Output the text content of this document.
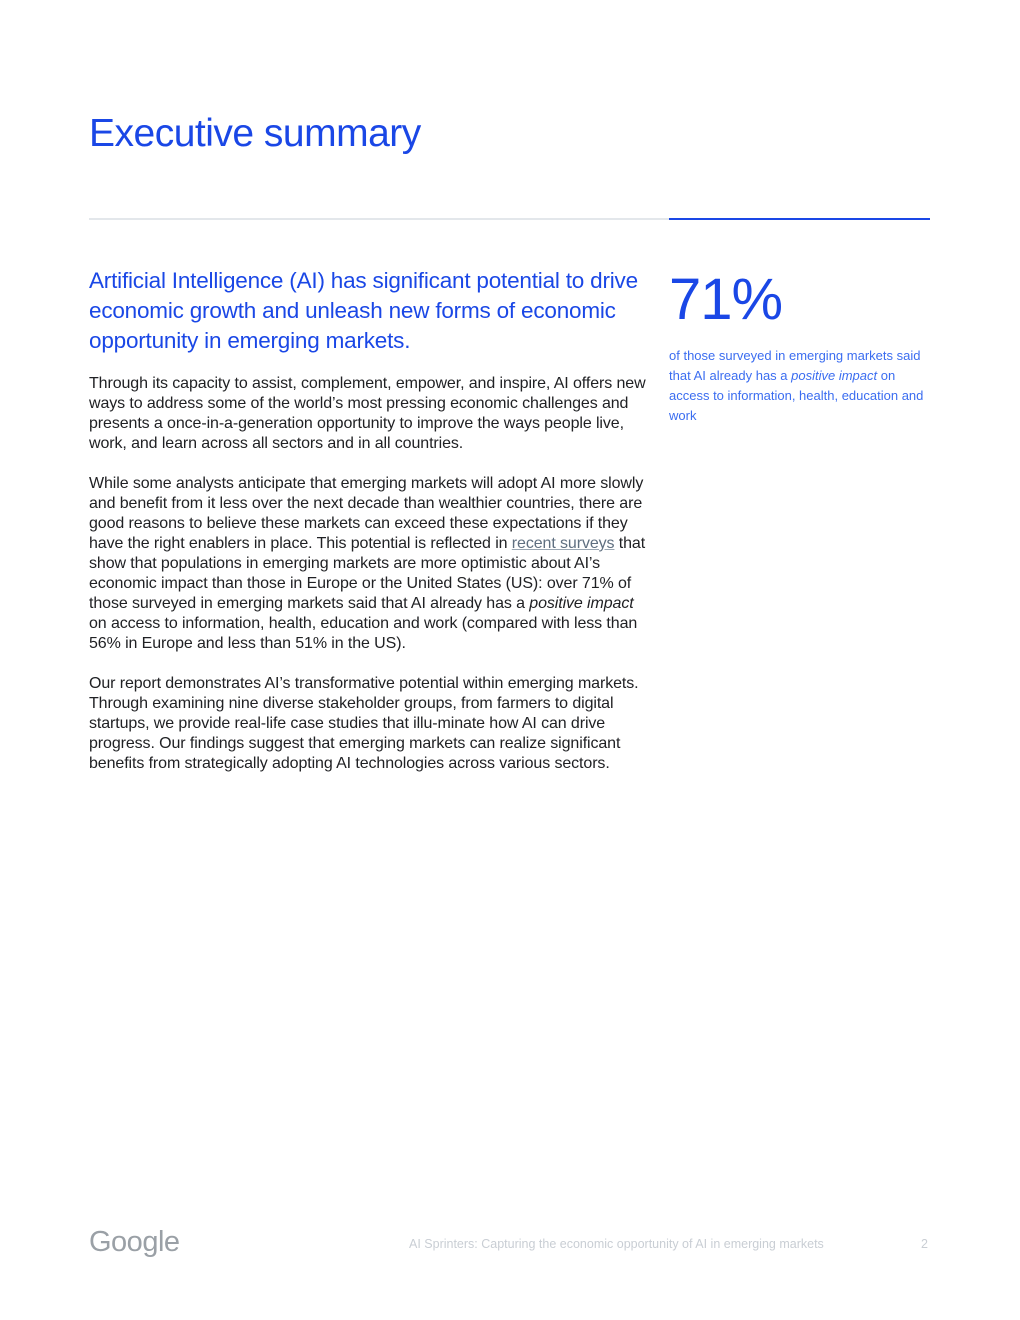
Executive summary

Artificial Intelligence (AI) has significant potential to drive economic growth and unleash new forms of economic opportunity in emerging markets.

Through its capacity to assist, complement, empower, and inspire, AI offers new ways to address some of the world’s most pressing economic challenges and presents a once-in-a-generation opportunity to improve the ways people live, work, and learn across all sectors and in all countries.

While some analysts anticipate that emerging markets will adopt AI more slowly and benefit from it less over the next decade than wealthier countries, there are good reasons to believe these markets can exceed these expectations if they have the right enablers in place. This potential is reflected in recent surveys that show that populations in emerging markets are more optimistic about AI’s economic impact than those in Europe or the United States (US): over 71% of those surveyed in emerging markets said that AI already has a positive impact on access to information, health, education and work (compared with less than 56% in Europe and less than 51% in the US).

Our report demonstrates AI’s transformative potential within emerging markets. Through examining nine diverse stakeholder groups, from farmers to digital startups, we provide real-life case studies that illu-minate how AI can drive progress. Our findings suggest that emerging markets can realize significant benefits from strategically adopting AI technologies across various sectors.

71%

of those surveyed in emerging markets said that AI already has a positive impact on access to information, health, education and work

Google	AI Sprinters: Capturing the economic opportunity of AI in emerging markets	2
